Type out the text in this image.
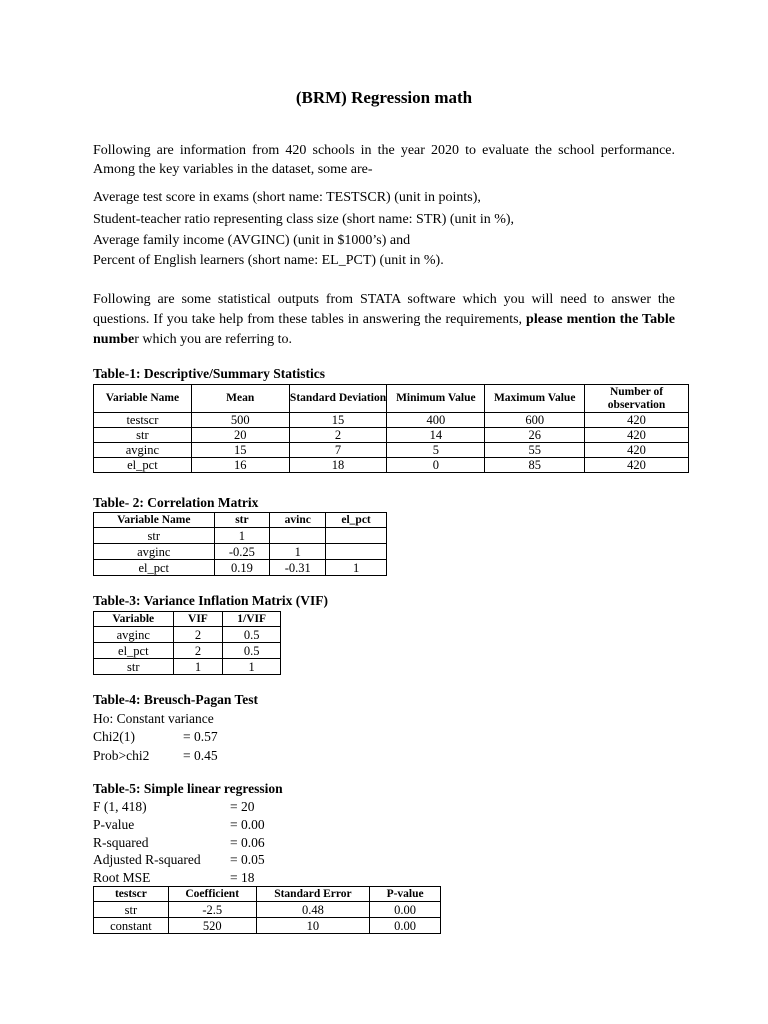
(BRM) Regression math
Following are information from 420 schools in the year 2020 to evaluate the school performance. Among the key variables in the dataset, some are-
Average test score in exams (short name: TESTSCR) (unit in points),
Student-teacher ratio representing class size (short name: STR) (unit in %),
Average family income (AVGINC) (unit in $1000’s) and
Percent of English learners (short name: EL_PCT) (unit in %).
Following are some statistical outputs from STATA software which you will need to answer the questions. If you take help from these tables in answering the requirements, please mention the Table number which you are referring to.
Table-1: Descriptive/Summary Statistics
Variable Name	Mean	Standard Deviation	Minimum Value	Maximum Value	Number of observation
testscr	500	15	400	600	420
str	20	2	14	26	420
avginc	15	7	5	55	420
el_pct	16	18	0	85	420
Table- 2: Correlation Matrix
Variable Name	str	avinc	el_pct
str	1		
avginc	-0.25	1	
el_pct	0.19	-0.31	1
Table-3: Variance Inflation Matrix (VIF)
Variable	VIF	1/VIF
avginc	2	0.5
el_pct	2	0.5
str	1	1
Table-4: Breusch-Pagan Test
Ho: Constant variance
Chi2(1)	= 0.57
Prob>chi2 = 0.45
Table-5: Simple linear regression
F (1, 418)	= 20
P-value	= 0.00
R-squared	= 0.06
Adjusted R-squared = 0.05
Root MSE	= 18
testscr	Coefficient	Standard Error	P-value
str	-2.5	0.48	0.00
constant	520	10	0.00
